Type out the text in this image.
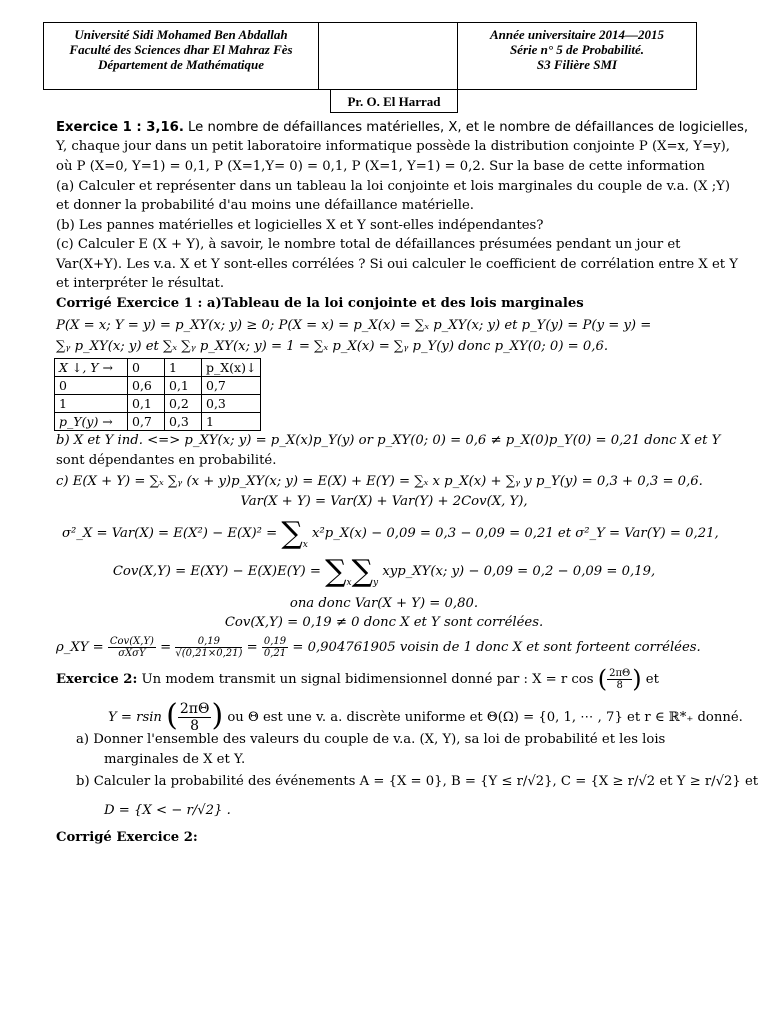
Université Sidi Mohamed Ben Abdallah
Faculté des Sciences dhar El Mahraz Fès
Département de Mathématique
Année universitaire 2014—2015
Série n° 5 de Probabilité.
S3 Filière SMI
Pr. O. El Harrad
Exercice 1 : 3,16. Le nombre de défaillances matérielles, X, et le nombre de défaillances de logicielles,
Y, chaque jour dans un petit laboratoire informatique possède la distribution conjointe P (X=x, Y=y),
où P (X=0, Y=1) = 0,1, P (X=1,Y= 0) = 0,1, P (X=1, Y=1) = 0,2. Sur la base de cette information
(a) Calculer et représenter dans un tableau la loi conjointe et lois marginales du couple de v.a. (X ;Y)
et donner la probabilité d'au moins une défaillance matérielle.
(b) Les pannes matérielles et logicielles X et Y sont-elles indépendantes?
(c) Calculer E (X + Y), à savoir, le nombre total de défaillances présumées pendant un jour et
Var(X+Y). Les v.a. X et Y sont-elles corrélées ? Si oui calculer le coefficient de corrélation entre X et Y
et interpréter le résultat.
Corrigé Exercice 1 : a)Tableau de la loi conjointe et des lois marginales
P(X = x; Y = y) = p_XY(x; y) ≥ 0; P(X = x) = p_X(x) = ∑ₓ p_XY(x; y) et p_Y(y) = P(y = y) =
∑ᵧ p_XY(x; y) et ∑ₓ ∑ᵧ p_XY(x; y) = 1 = ∑ₓ p_X(x) = ∑ᵧ p_Y(y) donc p_XY(0; 0) = 0,6.
X ↓, Y →	0	1	p_X(x)↓
0	0,6	0,1	0,7
1	0,1	0,2	0,3
p_Y(y) →	0,7	0,3	1
b) X et Y ind. <=> p_XY(x; y) = p_X(x)p_Y(y) or p_XY(0; 0) = 0,6 ≠ p_X(0)p_Y(0) = 0,21 donc X et Y
sont dépendantes en probabilité.
c) E(X + Y) = ∑ₓ ∑ᵧ (x + y)p_XY(x; y) = E(X) + E(Y) = ∑ₓ x p_X(x) + ∑ᵧ y p_Y(y) = 0,3 + 0,3 = 0,6.
Var(X + Y) = Var(X) + Var(Y) + 2Cov(X, Y),
σ²_X = $Var(X) = E(X^2) - E(X)^2 = \sum_x$ x²p_X(x) − 0,09 = 0,3 − 0,09 = 0,21 et σ²_Y = Var(Y) = 0,21,
$Cov(X,Y) = E(XY) - E(X)E(Y) = \sum_x\sum_y$ xyp_XY(x; y) − 0,09 = 0,2 − 0,09 = 0,19,
ona donc Var(X + Y) = 0,80.
Cov(X,Y) = 0,19 ≠ 0 donc X et Y sont corrélées.
ρ_XY = $\frac{\text{Cov(X,Y)}}{\text{σXσY}} = \frac{0,19}{√(0,21\times 0,21)} = \frac{0,19}{0,21} = 0,904761905$ voisin de 1 donc X et sont forteent corrélées.
Exercice 2: Un modem transmit un signal bidimensionnel donné par : X = r cos ( $\frac{2\pi\Theta}{8}$ ) et
Y = rsin ( $\frac{2\pi\Theta}{8}$ ) ou Θ est une v. a. discrète uniforme et Θ(Ω) = {0, 1, ⋯ , 7} et r ∈ ℝ*₊ donné.
a) Donner l'ensemble des valeurs du couple de v.a. (X, Y), sa loi de probabilité et les lois
marginales de X et Y.
b) Calculer la probabilité des événements A = {X = 0}, B = {Y ≤ r/√2}, C = {X ≥ r/√2 et Y ≥ r/√2} et
D = {X < − r/√2} .
Corrigé Exercice 2:
